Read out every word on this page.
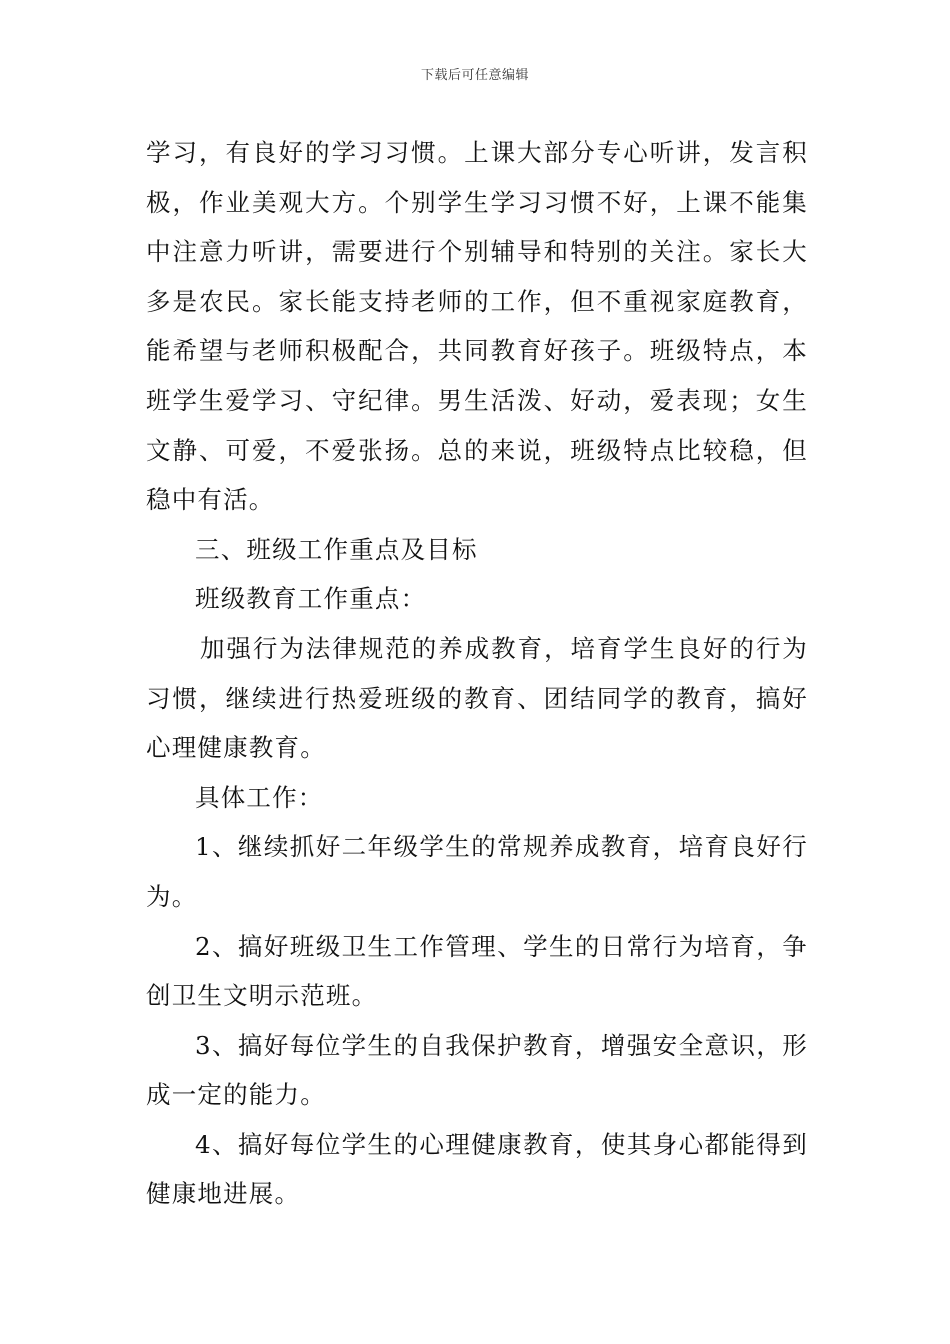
下载后可任意编辑

学习，有良好的学习习惯。上课大部分专心听讲，发言积极，作业美观大方。个别学生学习习惯不好，上课不能集中注意力听讲，需要进行个别辅导和特别的关注。家长大多是农民。家长能支持老师的工作，但不重视家庭教育，能希望与老师积极配合，共同教育好孩子。班级特点，本班学生爱学习、守纪律。男生活泼、好动，爱表现；女生文静、可爱，不爱张扬。总的来说，班级特点比较稳，但稳中有活。

三、班级工作重点及目标

班级教育工作重点：

加强行为法律规范的养成教育，培育学生良好的行为习惯，继续进行热爱班级的教育、团结同学的教育，搞好心理健康教育。

具体工作：

1、继续抓好二年级学生的常规养成教育，培育良好行为。

2、搞好班级卫生工作管理、学生的日常行为培育，争创卫生文明示范班。

3、搞好每位学生的自我保护教育，增强安全意识，形成一定的能力。

4、搞好每位学生的心理健康教育，使其身心都能得到健康地进展。
